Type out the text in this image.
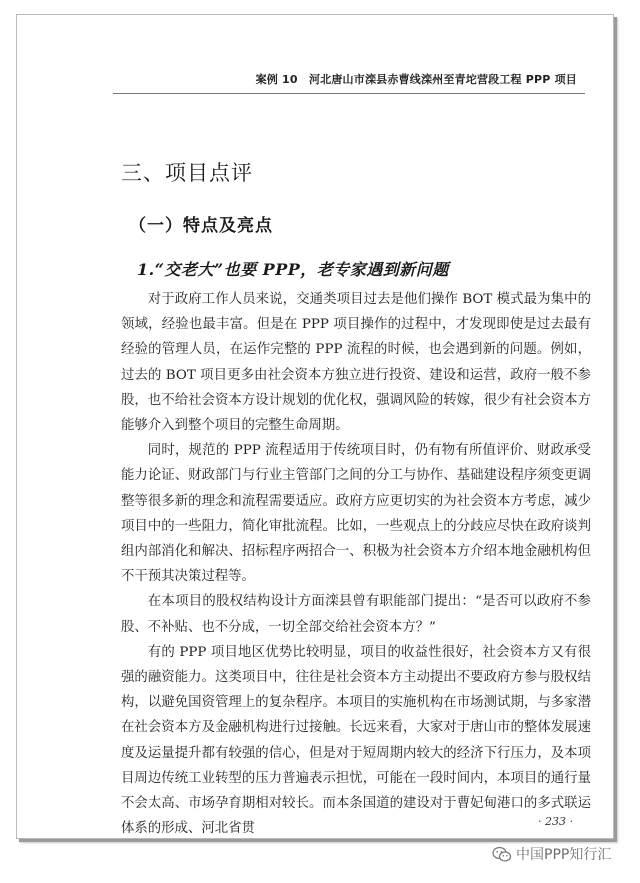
案例 10　河北唐山市滦县赤曹线滦州至青坨营段工程 PPP 项目
三、项目点评
（一）特点及亮点
1.“交老大”也要 PPP，老专家遇到新问题

对于政府工作人员来说，交通类项目过去是他们操作 BOT 模式最为集中的领域，经验也最丰富。但是在 PPP 项目操作的过程中，才发现即使是过去最有经验的管理人员，在运作完整的 PPP 流程的时候，也会遇到新的问题。例如，过去的 BOT 项目更多由社会资本方独立进行投资、建设和运营，政府一般不参股，也不给社会资本方设计规划的优化权，强调风险的转嫁，很少有社会资本方能够介入到整个项目的完整生命周期。

同时，规范的 PPP 流程适用于传统项目时，仍有物有所值评价、财政承受能力论证、财政部门与行业主管部门之间的分工与协作、基础建设程序须变更调整等很多新的理念和流程需要适应。政府方应更切实的为社会资本方考虑，减少项目中的一些阻力，简化审批流程。比如，一些观点上的分歧应尽快在政府谈判组内部消化和解决、招标程序两招合一、积极为社会资本方介绍本地金融机构但不干预其决策过程等。

在本项目的股权结构设计方面滦县曾有职能部门提出：“是否可以政府不参股、不补贴、也不分成，一切全部交给社会资本方？”

有的 PPP 项目地区优势比较明显，项目的收益性很好，社会资本方又有很强的融资能力。这类项目中，往往是社会资本方主动提出不要政府方参与股权结构，以避免国资管理上的复杂程序。本项目的实施机构在市场测试期，与多家潜在社会资本方及金融机构进行过接触。长远来看，大家对于唐山市的整体发展速度及运量提升都有较强的信心，但是对于短周期内较大的经济下行压力，及本项目周边传统工业转型的压力普遍表示担忧，可能在一段时间内，本项目的通行量不会太高、市场孕育期相对较长。而本条国道的建设对于曹妃甸港口的多式联运体系的形成、河北省贯	· 233 ·
中国PPP知行汇
